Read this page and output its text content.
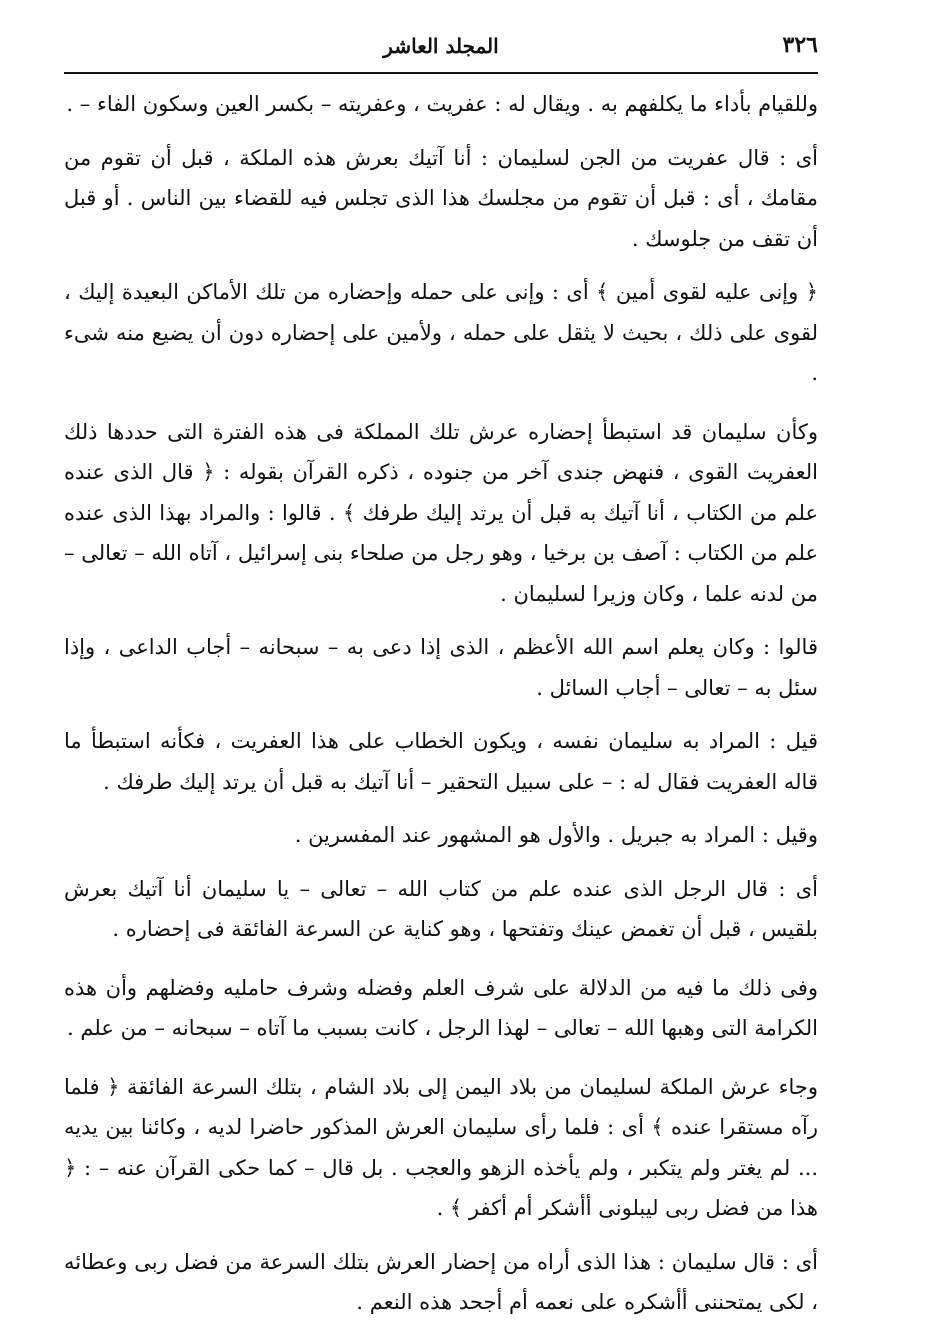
٣٢٦
المجلد العاشر

وللقيام بأداء ما يكلفهم به . ويقال له : عفريت ، وعفريته – بكسر العين وسكون الفاء – .

أى : قال عفريت من الجن لسليمان : أنا آتيك بعرش هذه الملكة ، قبل أن تقوم من مقامك ، أى : قبل أن تقوم من مجلسك هذا الذى تجلس فيه للقضاء بين الناس . أو قبل أن تقف من جلوسك .

﴿ وإنى عليه لقوى أمين ﴾ أى : وإنى على حمله وإحضاره من تلك الأماكن البعيدة إليك ، لقوى على ذلك ، بحيث لا يثقل على حمله ، ولأمين على إحضاره دون أن يضيع منه شىء .

وكأن سليمان قد استبطأ إحضاره عرش تلك المملكة فى هذه الفترة التى حددها ذلك العفريت القوى ، فنهض جندى آخر من جنوده ، ذكره القرآن بقوله : ﴿ قال الذى عنده علم من الكتاب ، أنا آتيك به قبل أن يرتد إليك طرفك ﴾ . قالوا : والمراد بهذا الذى عنده علم من الكتاب : آصف بن برخيا ، وهو رجل من صلحاء بنى إسرائيل ، آتاه الله – تعالى – من لدنه علما ، وكان وزيرا لسليمان .

قالوا : وكان يعلم اسم الله الأعظم ، الذى إذا دعى به – سبحانه – أجاب الداعى ، وإذا سئل به – تعالى – أجاب السائل .

قيل : المراد به سليمان نفسه ، ويكون الخطاب على هذا العفريت ، فكأنه استبطأ ما قاله العفريت فقال له : – على سبيل التحقير – أنا آتيك به قبل أن يرتد إليك طرفك .

وقيل : المراد به جبريل . والأول هو المشهور عند المفسرين .

أى : قال الرجل الذى عنده علم من كتاب الله – تعالى – يا سليمان أنا آتيك بعرش بلقيس ، قبل أن تغمض عينك وتفتحها ، وهو كناية عن السرعة الفائقة فى إحضاره .

وفى ذلك ما فيه من الدلالة على شرف العلم وفضله وشرف حامليه وفضلهم وأن هذه الكرامة التى وهبها الله – تعالى – لهذا الرجل ، كانت بسبب ما آتاه – سبحانه – من علم .

وجاء عرش الملكة لسليمان من بلاد اليمن إلى بلاد الشام ، بتلك السرعة الفائقة ﴿ فلما رآه مستقرا عنده ﴾ أى : فلما رأى سليمان العرش المذكور حاضرا لديه ، وكائنا بين يديه ... لم يغتر ولم يتكبر ، ولم يأخذه الزهو والعجب . بل قال – كما حكى القرآن عنه – : ﴿ هذا من فضل ربى ليبلونى أأشكر أم أكفر ﴾ .

أى : قال سليمان : هذا الذى أراه من إحضار العرش بتلك السرعة من فضل ربى وعطائه ، لكى يمتحننى أأشكره على نعمه أم أجحد هذه النعم .
